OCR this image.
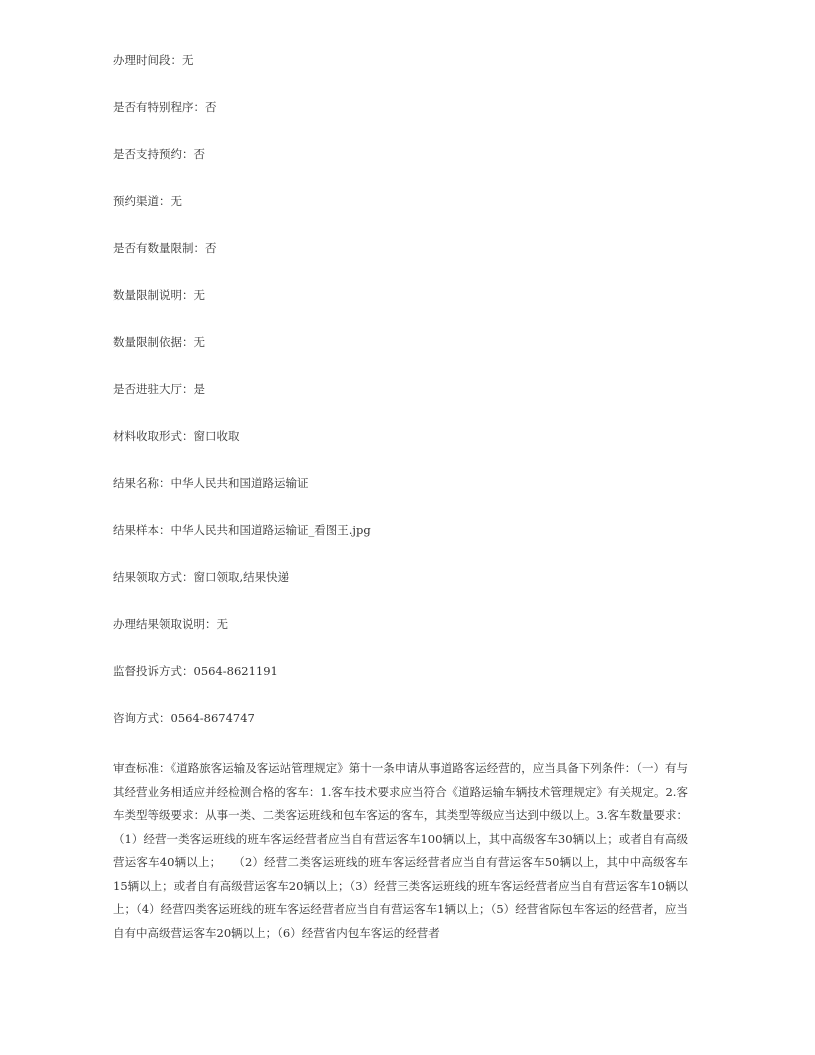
办理时间段：无

是否有特别程序：否

是否支持预约：否

预约渠道：无

是否有数量限制：否

数量限制说明：无

数量限制依据：无

是否进驻大厅：是

材料收取形式：窗口收取

结果名称：中华人民共和国道路运输证

结果样本：中华人民共和国道路运输证_看图王.jpg

结果领取方式：窗口领取,结果快递

办理结果领取说明：无

监督投诉方式：0564-8621191

咨询方式：0564-8674747

审查标准：《道路旅客运输及客运站管理规定》第十一条申请从事道路客运经营的，应当具备下列条件：（一）有与其经营业务相适应并经检测合格的客车：1.客车技术要求应当符合《道路运输车辆技术管理规定》有关规定。2.客车类型等级要求：从事一类、二类客运班线和包车客运的客车，其类型等级应当达到中级以上。3.客车数量要求：（1）经营一类客运班线的班车客运经营者应当自有营运客车100辆以上，其中高级客车30辆以上；或者自有高级营运客车40辆以上；　　（2）经营二类客运班线的班车客运经营者应当自有营运客车50辆以上，其中中高级客车15辆以上；或者自有高级营运客车20辆以上；（3）经营三类客运班线的班车客运经营者应当自有营运客车10辆以上；（4）经营四类客运班线的班车客运经营者应当自有营运客车1辆以上；（5）经营省际包车客运的经营者，应当自有中高级营运客车20辆以上；（6）经营省内包车客运的经营者
